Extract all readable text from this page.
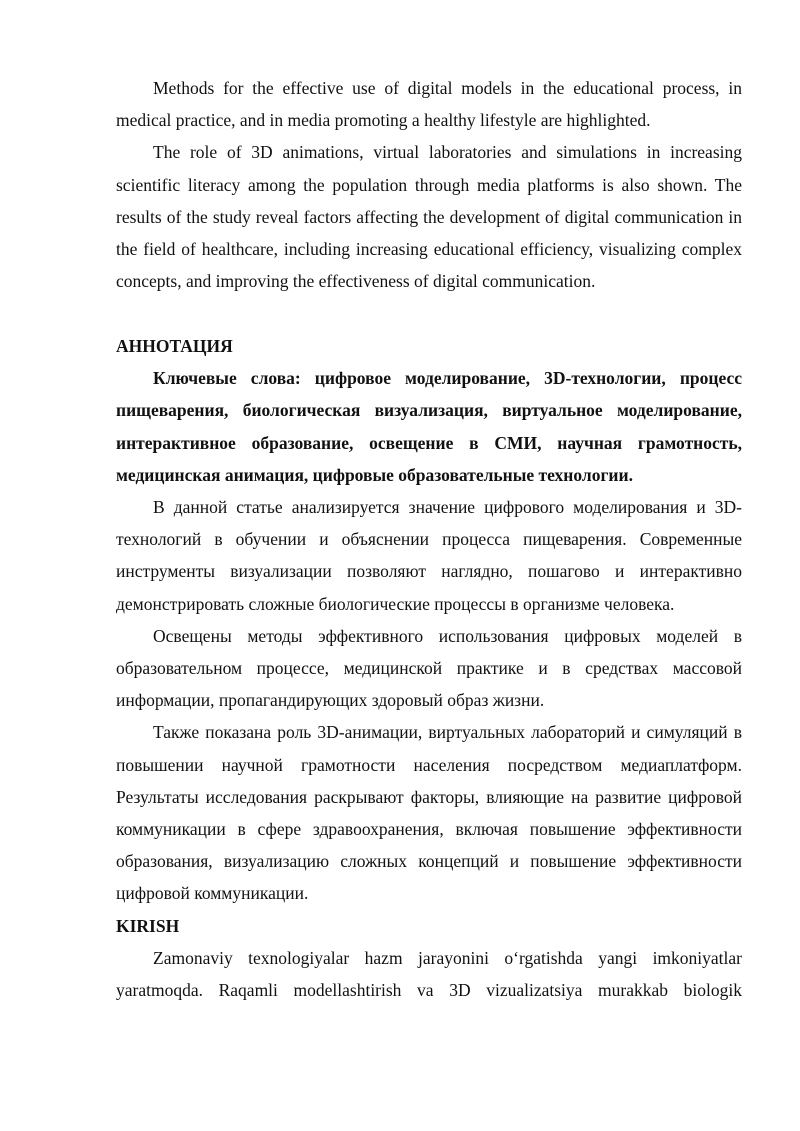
Methods for the effective use of digital models in the educational process, in medical practice, and in media promoting a healthy lifestyle are highlighted.

The role of 3D animations, virtual laboratories and simulations in increasing scientific literacy among the population through media platforms is also shown. The results of the study reveal factors affecting the development of digital communication in the field of healthcare, including increasing educational efficiency, visualizing complex concepts, and improving the effectiveness of digital communication.

АННОТАЦИЯ

Ключевые слова: цифровое моделирование, 3D-технологии, процесс пищеварения, биологическая визуализация, виртуальное моделирование, интерактивное образование, освещение в СМИ, научная грамотность, медицинская анимация, цифровые образовательные технологии.

В данной статье анализируется значение цифрового моделирования и 3D-технологий в обучении и объяснении процесса пищеварения. Современные инструменты визуализации позволяют наглядно, пошагово и интерактивно демонстрировать сложные биологические процессы в организме человека.

Освещены методы эффективного использования цифровых моделей в образовательном процессе, медицинской практике и в средствах массовой информации, пропагандирующих здоровый образ жизни.

Также показана роль 3D-анимации, виртуальных лабораторий и симуляций в повышении научной грамотности населения посредством медиаплатформ. Результаты исследования раскрывают факторы, влияющие на развитие цифровой коммуникации в сфере здравоохранения, включая повышение эффективности образования, визуализацию сложных концепций и повышение эффективности цифровой коммуникации.

KIRISH

Zamonaviy texnologiyalar hazm jarayonini oʻrgatishda yangi imkoniyatlar yaratmoqda. Raqamli modellashtirish va 3D vizualizatsiya murakkab biologik
